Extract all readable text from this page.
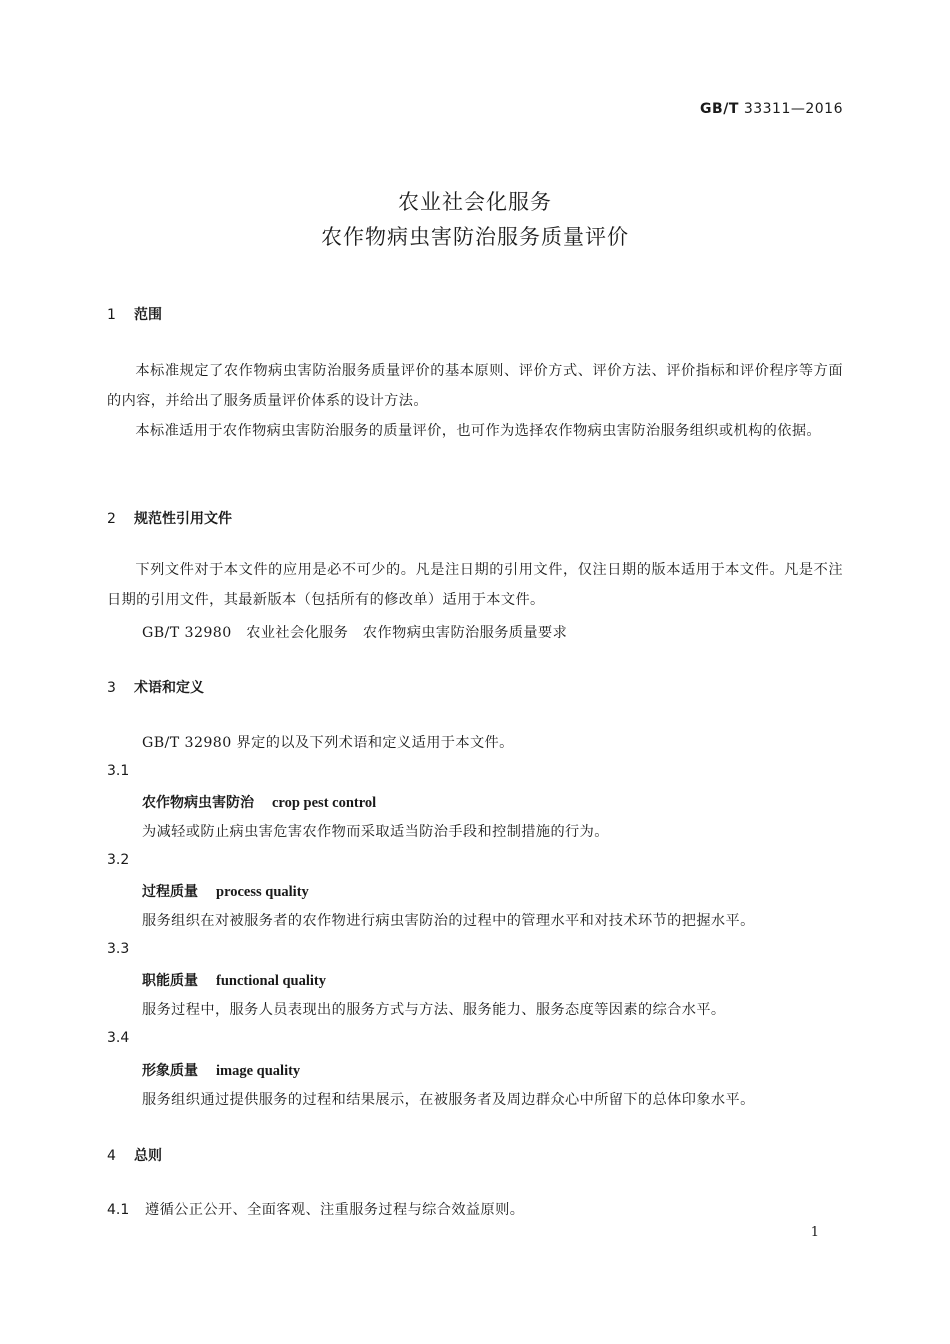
GB/T 33311—2016
农业社会化服务
农作物病虫害防治服务质量评价
1 范围
本标准规定了农作物病虫害防治服务质量评价的基本原则、评价方式、评价方法、评价指标和评价程序等方面的内容，并给出了服务质量评价体系的设计方法。
本标准适用于农作物病虫害防治服务的质量评价，也可作为选择农作物病虫害防治服务组织或机构的依据。
2 规范性引用文件
下列文件对于本文件的应用是必不可少的。凡是注日期的引用文件，仅注日期的版本适用于本文件。凡是不注日期的引用文件，其最新版本（包括所有的修改单）适用于本文件。
GB/T 32980　农业社会化服务　农作物病虫害防治服务质量要求
3 术语和定义
GB/T 32980 界定的以及下列术语和定义适用于本文件。
3.1
农作物病虫害防治 crop pest control
为减轻或防止病虫害危害农作物而采取适当防治手段和控制措施的行为。
3.2
过程质量 process quality
服务组织在对被服务者的农作物进行病虫害防治的过程中的管理水平和对技术环节的把握水平。
3.3
职能质量 functional quality
服务过程中，服务人员表现出的服务方式与方法、服务能力、服务态度等因素的综合水平。
3.4
形象质量 image quality
服务组织通过提供服务的过程和结果展示，在被服务者及周边群众心中所留下的总体印象水平。
4 总则
4.1 遵循公正公开、全面客观、注重服务过程与综合效益原则。
1
